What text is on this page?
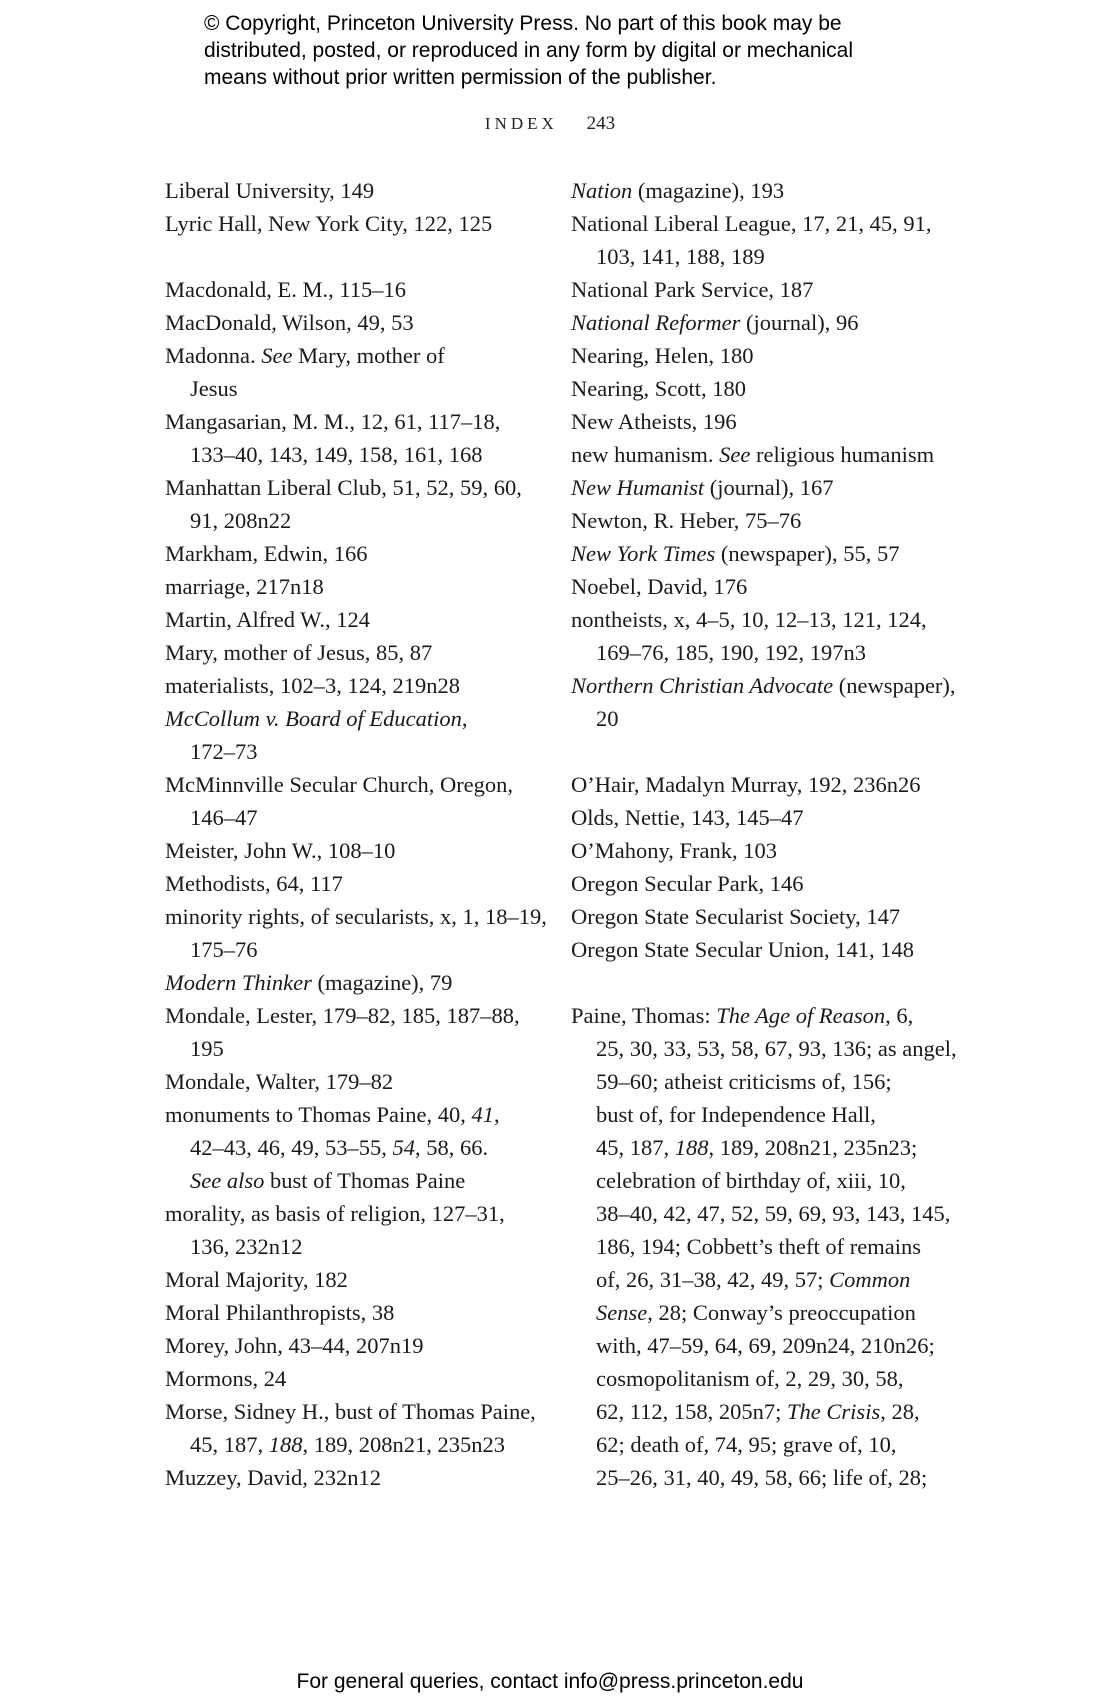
© Copyright, Princeton University Press. No part of this book may be
distributed, posted, or reproduced in any form by digital or mechanical
means without prior written permission of the publisher.
INDEX 243
Liberal University, 149
Lyric Hall, New York City, 122, 125
Macdonald, E. M., 115–16
MacDonald, Wilson, 49, 53
Madonna. See Mary, mother of
Jesus
Mangasarian, M. M., 12, 61, 117–18,
133–40, 143, 149, 158, 161, 168
Manhattan Liberal Club, 51, 52, 59, 60,
91, 208n22
Markham, Edwin, 166
marriage, 217n18
Martin, Alfred W., 124
Mary, mother of Jesus, 85, 87
materialists, 102–3, 124, 219n28
McCollum v. Board of Education,
172–73
McMinnville Secular Church, Oregon,
146–47
Meister, John W., 108–10
Methodists, 64, 117
minority rights, of secularists, x, 1, 18–19,
175–76
Modern Thinker (magazine), 79
Mondale, Lester, 179–82, 185, 187–88,
195
Mondale, Walter, 179–82
monuments to Thomas Paine, 40, 41,
42–43, 46, 49, 53–55, 54, 58, 66.
See also bust of Thomas Paine
morality, as basis of religion, 127–31,
136, 232n12
Moral Majority, 182
Moral Philanthropists, 38
Morey, John, 43–44, 207n19
Mormons, 24
Morse, Sidney H., bust of Thomas Paine,
45, 187, 188, 189, 208n21, 235n23
Muzzey, David, 232n12
Nation (magazine), 193
National Liberal League, 17, 21, 45, 91,
103, 141, 188, 189
National Park Service, 187
National Reformer (journal), 96
Nearing, Helen, 180
Nearing, Scott, 180
New Atheists, 196
new humanism. See religious humanism
New Humanist (journal), 167
Newton, R. Heber, 75–76
New York Times (newspaper), 55, 57
Noebel, David, 176
nontheists, x, 4–5, 10, 12–13, 121, 124,
169–76, 185, 190, 192, 197n3
Northern Christian Advocate (newspaper),
20
O’Hair, Madalyn Murray, 192, 236n26
Olds, Nettie, 143, 145–47
O’Mahony, Frank, 103
Oregon Secular Park, 146
Oregon State Secularist Society, 147
Oregon State Secular Union, 141, 148
Paine, Thomas: The Age of Reason, 6,
25, 30, 33, 53, 58, 67, 93, 136; as angel,
59–60; atheist criticisms of, 156;
bust of, for Independence Hall,
45, 187, 188, 189, 208n21, 235n23;
celebration of birthday of, xiii, 10,
38–40, 42, 47, 52, 59, 69, 93, 143, 145,
186, 194; Cobbett’s theft of remains
of, 26, 31–38, 42, 49, 57; Common
Sense, 28; Conway’s preoccupation
with, 47–59, 64, 69, 209n24, 210n26;
cosmopolitanism of, 2, 29, 30, 58,
62, 112, 158, 205n7; The Crisis, 28,
62; death of, 74, 95; grave of, 10,
25–26, 31, 40, 49, 58, 66; life of, 28;
For general queries, contact info@press.princeton.edu
